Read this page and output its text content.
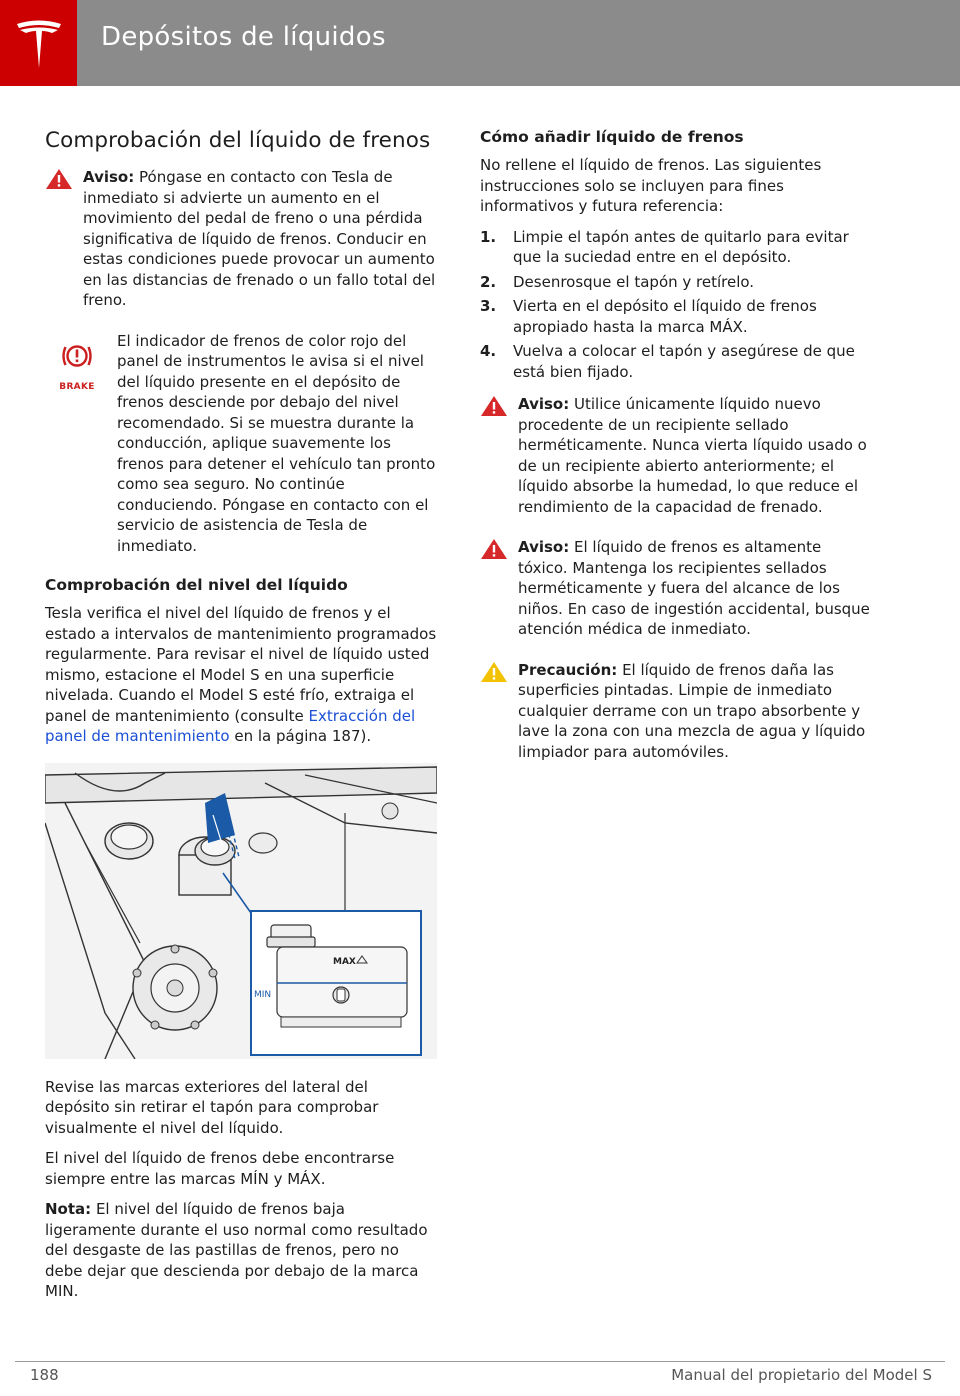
Depósitos de líquidos
Comprobación del líquido de frenos
Aviso: Póngase en contacto con Tesla de inmediato si advierte un aumento en el movimiento del pedal de freno o una pérdida significativa de líquido de frenos. Conducir en estas condiciones puede provocar un aumento en las distancias de frenado o un fallo total del freno.
BRAKE
El indicador de frenos de color rojo del panel de instrumentos le avisa si el nivel del líquido presente en el depósito de frenos desciende por debajo del nivel recomendado. Si se muestra durante la conducción, aplique suavemente los frenos para detener el vehículo tan pronto como sea seguro. No continúe conduciendo. Póngase en contacto con el servicio de asistencia de Tesla de inmediato.
Comprobación del nivel del líquido

Tesla verifica el nivel del líquido de frenos y el estado a intervalos de mantenimiento programados regularmente. Para revisar el nivel de líquido usted mismo, estacione el Model S en una superficie nivelada. Cuando el Model S esté frío, extraiga el panel de mantenimiento (consulte Extracción del panel de mantenimiento en la página 187).

MAX
MIN

Revise las marcas exteriores del lateral del depósito sin retirar el tapón para comprobar visualmente el nivel del líquido.

El nivel del líquido de frenos debe encontrarse siempre entre las marcas MÍN y MÁX.

Nota: El nivel del líquido de frenos baja ligeramente durante el uso normal como resultado del desgaste de las pastillas de frenos, pero no debe dejar que descienda por debajo de la marca MIN.

Cómo añadir líquido de frenos

No rellene el líquido de frenos. Las siguientes instrucciones solo se incluyen para fines informativos y futura referencia:

1. Limpie el tapón antes de quitarlo para evitar que la suciedad entre en el depósito.
2. Desenrosque el tapón y retírelo.
3. Vierta en el depósito el líquido de frenos apropiado hasta la marca MÁX.
4. Vuelva a colocar el tapón y asegúrese de que está bien fijado.
Aviso: Utilice únicamente líquido nuevo procedente de un recipiente sellado herméticamente. Nunca vierta líquido usado o de un recipiente abierto anteriormente; el líquido absorbe la humedad, lo que reduce el rendimiento de la capacidad de frenado.
Aviso: El líquido de frenos es altamente tóxico. Mantenga los recipientes sellados herméticamente y fuera del alcance de los niños. En caso de ingestión accidental, busque atención médica de inmediato.
Precaución: El líquido de frenos daña las superficies pintadas. Limpie de inmediato cualquier derrame con un trapo absorbente y lave la zona con una mezcla de agua y líquido limpiador para automóviles.
188	Manual del propietario del Model S
